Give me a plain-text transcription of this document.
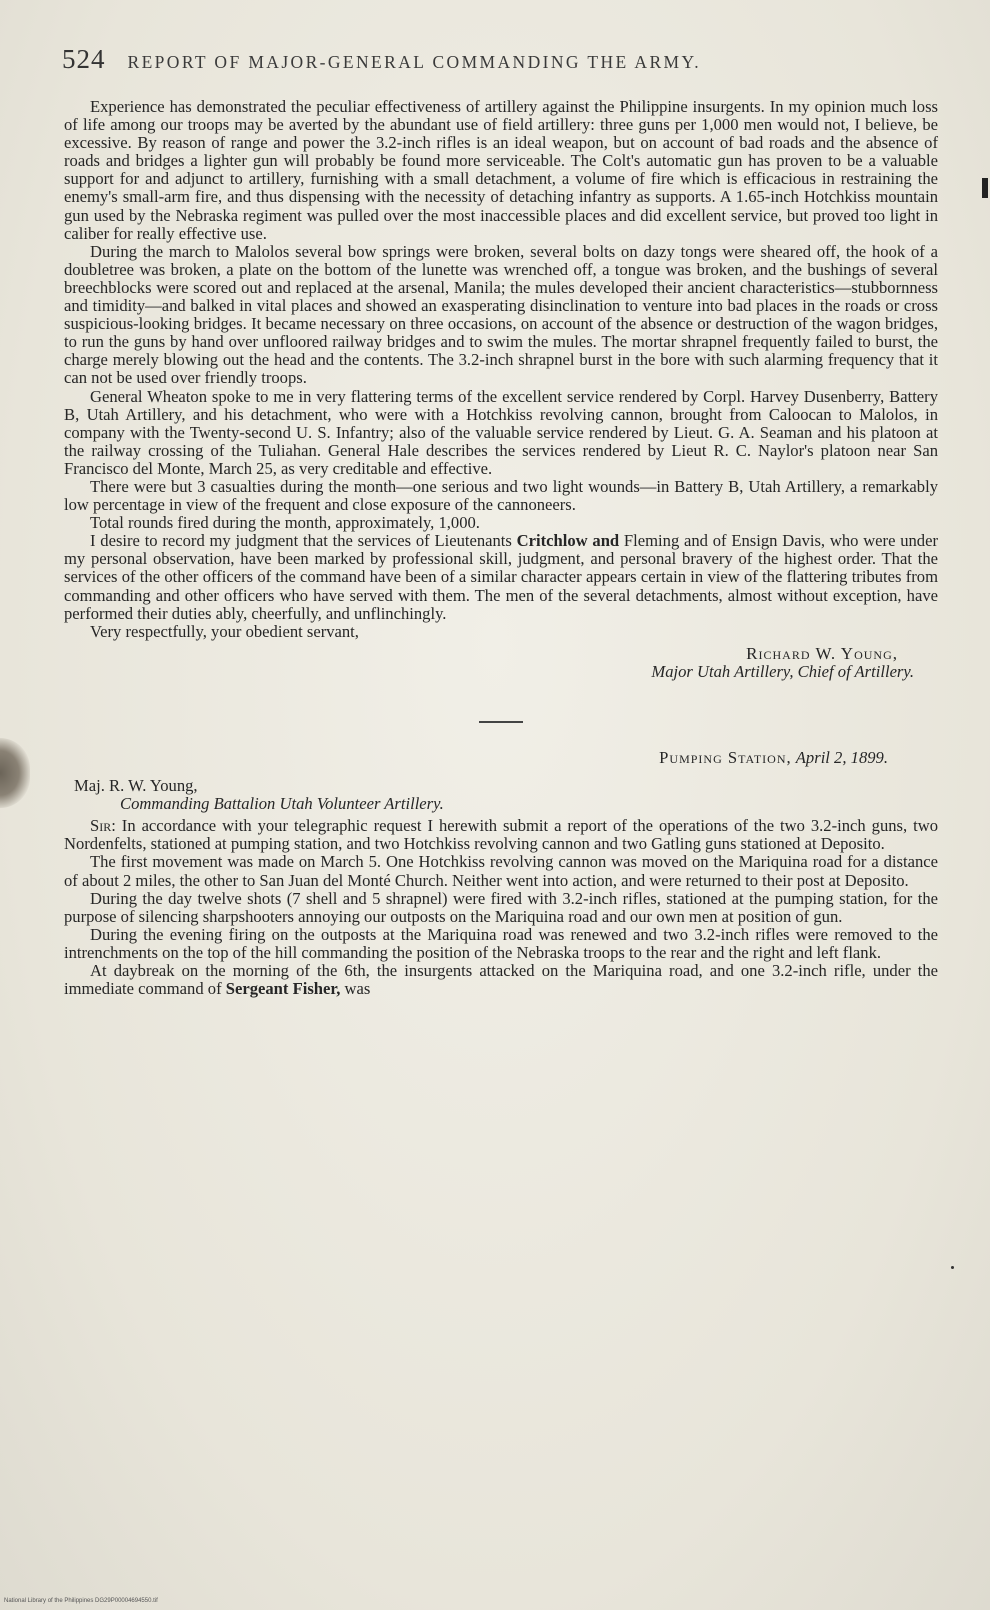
524 REPORT OF MAJOR-GENERAL COMMANDING THE ARMY.

Experience has demonstrated the peculiar effectiveness of artillery against the Philippine insurgents. In my opinion much loss of life among our troops may be averted by the abundant use of field artillery: three guns per 1,000 men would not, I believe, be excessive. By reason of range and power the 3.2-inch rifles is an ideal weapon, but on account of bad roads and the absence of roads and bridges a lighter gun will probably be found more serviceable. The Colt's automatic gun has proven to be a valuable support for and adjunct to artillery, furnishing with a small detachment, a volume of fire which is efficacious in restraining the enemy's small-arm fire, and thus dispensing with the necessity of detaching infantry as supports. A 1.65-inch Hotchkiss mountain gun used by the Nebraska regiment was pulled over the most inaccessible places and did excellent service, but proved too light in caliber for really effective use.

During the march to Malolos several bow springs were broken, several bolts on dazy tongs were sheared off, the hook of a doubletree was broken, a plate on the bottom of the lunette was wrenched off, a tongue was broken, and the bushings of several breechblocks were scored out and replaced at the arsenal, Manila; the mules developed their ancient characteristics—stubbornness and timidity—and balked in vital places and showed an exasperating disinclination to venture into bad places in the roads or cross suspicious-looking bridges. It became necessary on three occasions, on account of the absence or destruction of the wagon bridges, to run the guns by hand over unfloored railway bridges and to swim the mules. The mortar shrapnel frequently failed to burst, the charge merely blowing out the head and the contents. The 3.2-inch shrapnel burst in the bore with such alarming frequency that it can not be used over friendly troops.

General Wheaton spoke to me in very flattering terms of the excellent service rendered by Corpl. Harvey Dusenberry, Battery B, Utah Artillery, and his detachment, who were with a Hotchkiss revolving cannon, brought from Caloocan to Malolos, in company with the Twenty-second U. S. Infantry; also of the valuable service rendered by Lieut. G. A. Seaman and his platoon at the railway crossing of the Tuliahan. General Hale describes the services rendered by Lieut R. C. Naylor's platoon near San Francisco del Monte, March 25, as very creditable and effective.

There were but 3 casualties during the month—one serious and two light wounds—in Battery B, Utah Artillery, a remarkably low percentage in view of the frequent and close exposure of the cannoneers.

Total rounds fired during the month, approximately, 1,000.

I desire to record my judgment that the services of Lieutenants Critchlow and Fleming and of Ensign Davis, who were under my personal observation, have been marked by professional skill, judgment, and personal bravery of the highest order. That the services of the other officers of the command have been of a similar character appears certain in view of the flattering tributes from commanding and other officers who have served with them. The men of the several detachments, almost without exception, have performed their duties ably, cheerfully, and unflinchingly.

Very respectfully, your obedient servant,

Richard W. Young,
Major Utah Artillery, Chief of Artillery.
Pumping Station, April 2, 1899.
Maj. R. W. Young,
Commanding Battalion Utah Volunteer Artillery.

Sir: In accordance with your telegraphic request I herewith submit a report of the operations of the two 3.2-inch guns, two Nordenfelts, stationed at pumping station, and two Hotchkiss revolving cannon and two Gatling guns stationed at Deposito.

The first movement was made on March 5. One Hotchkiss revolving cannon was moved on the Mariquina road for a distance of about 2 miles, the other to San Juan del Monté Church. Neither went into action, and were returned to their post at Deposito.

During the day twelve shots (7 shell and 5 shrapnel) were fired with 3.2-inch rifles, stationed at the pumping station, for the purpose of silencing sharpshooters annoying our outposts on the Mariquina road and our own men at position of gun.

During the evening firing on the outposts at the Mariquina road was renewed and two 3.2-inch rifles were removed to the intrenchments on the top of the hill commanding the position of the Nebraska troops to the rear and the right and left flank.

At daybreak on the morning of the 6th, the insurgents attacked on the Mariquina road, and one 3.2-inch rifle, under the immediate command of Sergeant Fisher, was

National Library of the Philippines DG29P00004694550.tif
